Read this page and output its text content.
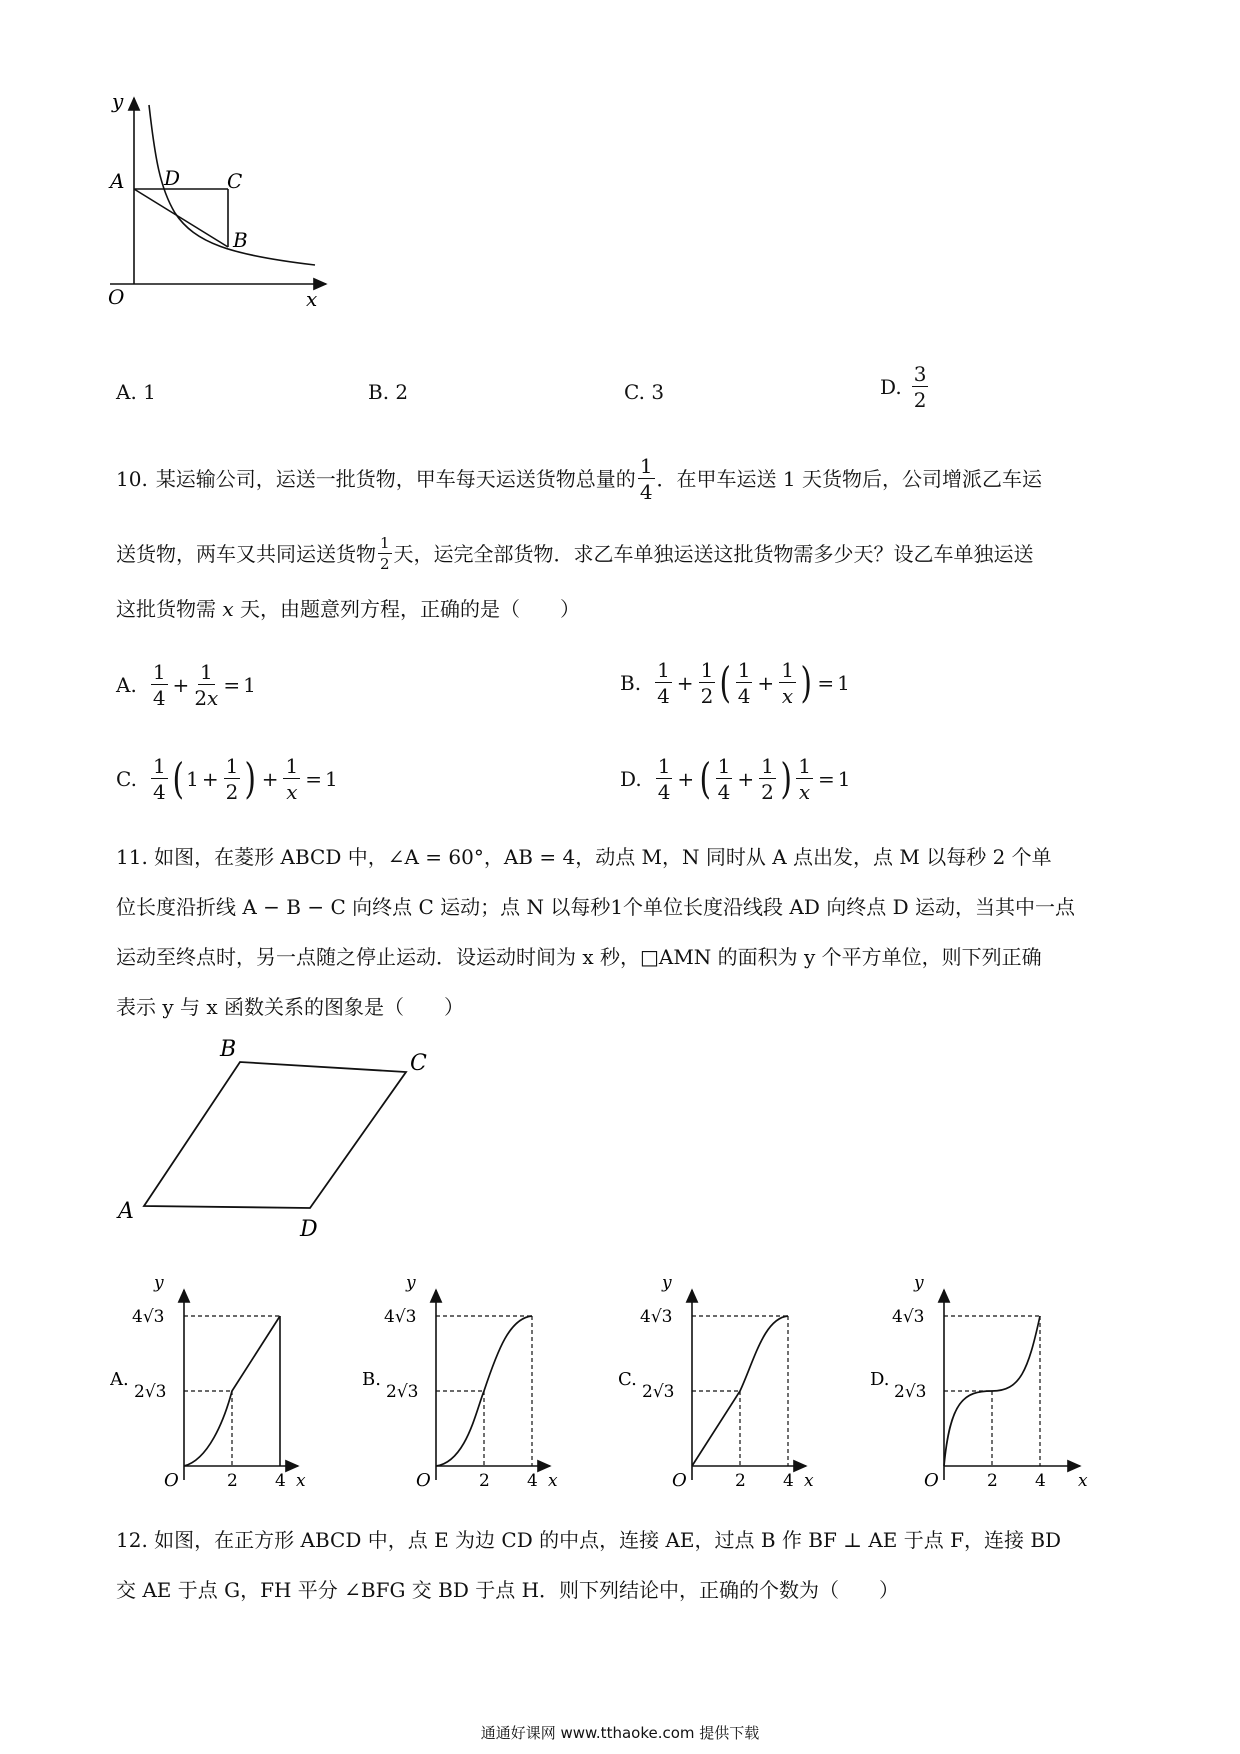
y
A D C
B
O	x
A. 1	B. 2	C. 3	D. $\frac{3}{2}$
10. 某运输公司，运送一批货物，甲车每天运送货物总量的 $\frac{1}{4}$ ．在甲车运送 1 天货物后，公司增派乙车运
送货物，两车又共同运送货物 $\frac{1}{2}$ 天，运完全部货物．求乙车单独运送这批货物需多少天？设乙车单独运送
这批货物需 x 天，由题意列方程，正确的是（　　）
A. $\frac{1}{4} + \frac{1}{2x} = 1$	B. $\frac{1}{4} + \frac{1}{2}$ ( $\frac{1}{4} + \frac{1}{x}$ ) = 1
C. $\frac{1}{4}$ ( $1 + \frac{1}{2}$ ) + $\frac{1}{x} = 1$	D. $\frac{1}{4}$ + ( $\frac{1}{4} + \frac{1}{2}$ ) $\frac{1}{x} = 1$
11. 如图，在菱形 ABCD 中，∠A = 60°，AB = 4，动点 M，N 同时从 A 点出发，点 M 以每秒 2 个单
位长度沿折线 A − B − C 向终点 C 运动；点 N 以每秒1个单位长度沿线段 AD 向终点 D 运动，当其中一点
运动至终点时，另一点随之停止运动．设运动时间为 x 秒，□AMN 的面积为 y 个平方单位，则下列正确
表示 y 与 x 函数关系的图象是（　　）
B
C
A
D
y
4√3
2√3
O	2 4 x
A.
y
4√3
2√3
O	2 4 x
B.
y
4√3
2√3
O	2 4 x
C.
y
4√3
2√3
O	2 4 x
D.
12. 如图，在正方形 ABCD 中，点 E 为边 CD 的中点，连接 AE，过点 B 作 BF ⊥ AE 于点 F，连接 BD
交 AE 于点 G，FH 平分 ∠BFG 交 BD 于点 H．则下列结论中，正确的个数为（　　）
通通好课网 www.tthaoke.com 提供下载
